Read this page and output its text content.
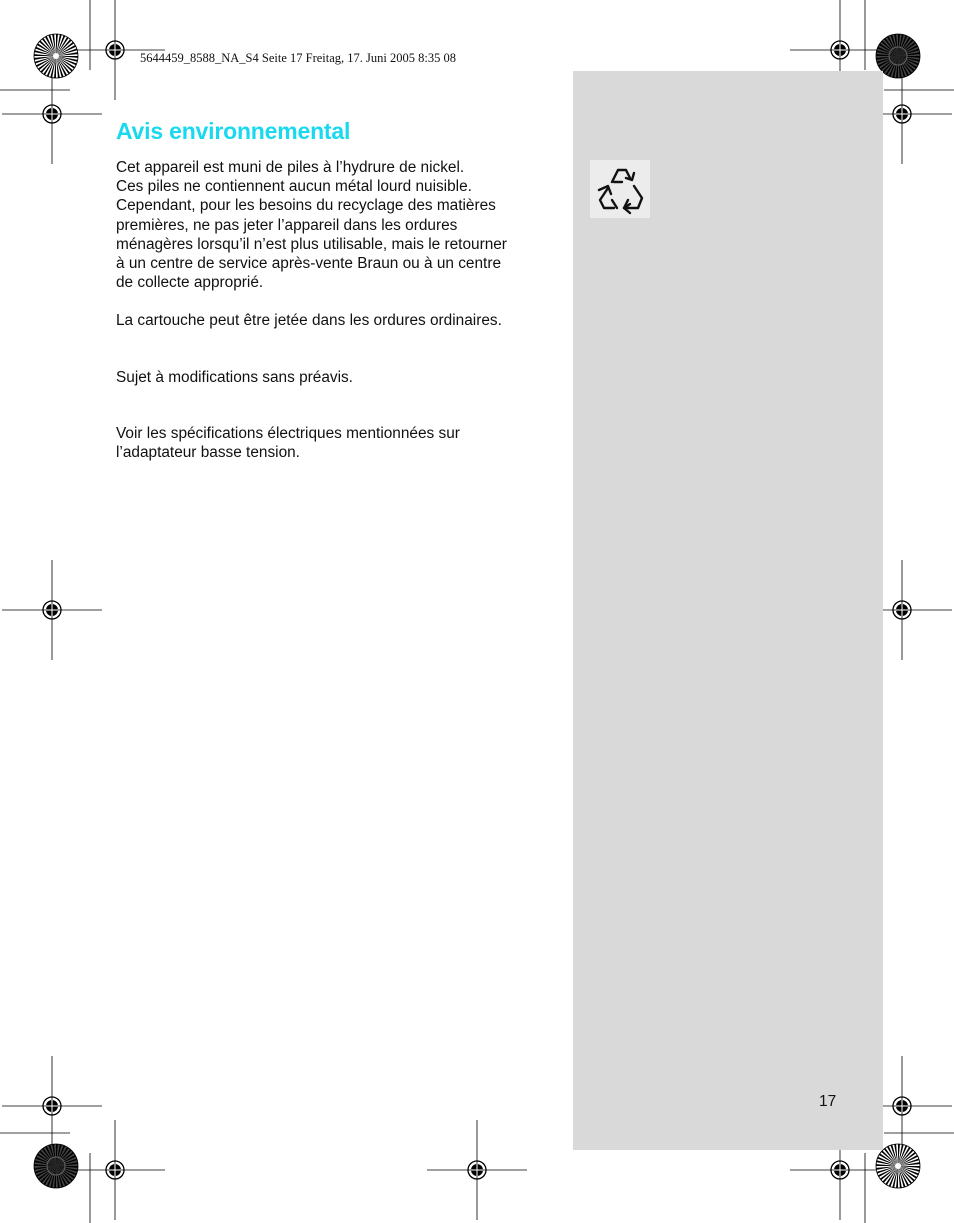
5644459_8588_NA_S4 Seite 17 Freitag, 17. Juni 2005 8:35 08
Avis environnemental

Cet appareil est muni de piles à l’hydrure de nickel.
Ces piles ne contiennent aucun métal lourd nuisible.
Cependant, pour les besoins du recyclage des matières
premières, ne pas jeter l’appareil dans les ordures
ménagères lorsqu’il n’est plus utilisable, mais le retourner
à un centre de service après-vente Braun ou à un centre
de collecte approprié.

La cartouche peut être jetée dans les ordures ordinaires.

Sujet à modifications sans préavis.

Voir les spécifications électriques mentionnées sur
l’adaptateur basse tension.

17
